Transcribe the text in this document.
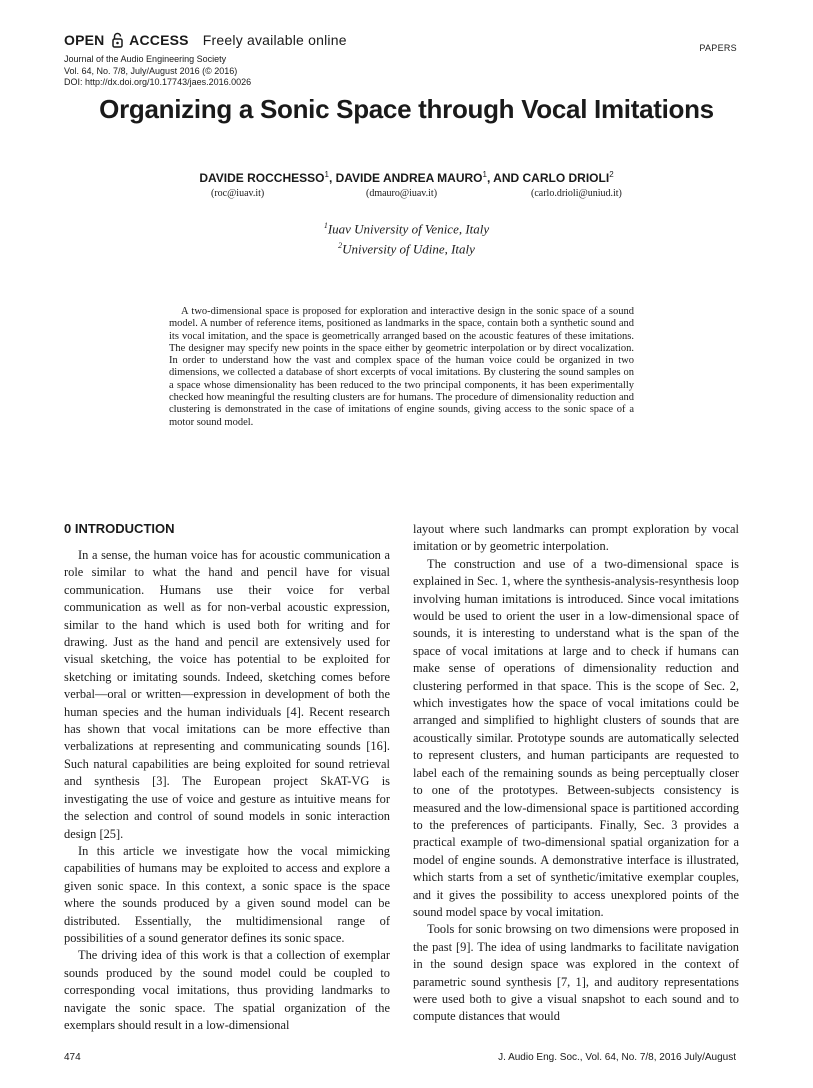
OPEN ACCESS Freely available online	PAPERS
Journal of the Audio Engineering Society
Vol. 64, No. 7/8, July/August 2016 (© 2016)
DOI: http://dx.doi.org/10.17743/jaes.2016.0026
Organizing a Sonic Space through Vocal Imitations
DAVIDE ROCCHESSO$^1$, DAVIDE ANDREA MAURO$^1$, AND CARLO DRIOLI$^2$
(roc@iuav.it)	(dmauro@iuav.it)	(carlo.drioli@uniud.it)
$^1$Iuav University of Venice, Italy
$^2$University of Udine, Italy

A two-dimensional space is proposed for exploration and interactive design in the sonic space of a sound model. A number of reference items, positioned as landmarks in the space, contain both a synthetic sound and its vocal imitation, and the space is geometrically arranged based on the acoustic features of these imitations. The designer may specify new points in the space either by geometric interpolation or by direct vocalization. In order to understand how the vast and complex space of the human voice could be organized in two dimensions, we collected a database of short excerpts of vocal imitations. By clustering the sound samples on a space whose dimensionality has been reduced to the two principal components, it has been experimentally checked how meaningful the resulting clusters are for humans. The procedure of dimensionality reduction and clustering is demonstrated in the case of imitations of engine sounds, giving access to the sonic space of a motor sound model.

0 INTRODUCTION

In a sense, the human voice has for acoustic communication a role similar to what the hand and pencil have for visual communication. Humans use their voice for verbal communication as well as for non-verbal acoustic expression, similar to the hand which is used both for writing and for drawing. Just as the hand and pencil are extensively used for visual sketching, the voice has potential to be exploited for sketching or imitating sounds. Indeed, sketching comes before verbal—oral or written—expression in development of both the human species and the human individuals [4]. Recent research has shown that vocal imitations can be more effective than verbalizations at representing and communicating sounds [16]. Such natural capabilities are being exploited for sound retrieval and synthesis [3]. The European project SkAT-VG is investigating the use of voice and gesture as intuitive means for the selection and control of sound models in sonic interaction design [25].

In this article we investigate how the vocal mimicking capabilities of humans may be exploited to access and explore a given sonic space. In this context, a sonic space is the space where the sounds produced by a given sound model can be distributed. Essentially, the multidimensional range of possibilities of a sound generator defines its sonic space.

The driving idea of this work is that a collection of exemplar sounds produced by the sound model could be coupled to corresponding vocal imitations, thus providing landmarks to navigate the sonic space. The spatial organization of the exemplars should result in a low-dimensional

layout where such landmarks can prompt exploration by vocal imitation or by geometric interpolation.

The construction and use of a two-dimensional space is explained in Sec. 1, where the synthesis-analysis-resynthesis loop involving human imitations is introduced. Since vocal imitations would be used to orient the user in a low-dimensional space of sounds, it is interesting to understand what is the span of the space of vocal imitations at large and to check if humans can make sense of operations of dimensionality reduction and clustering performed in that space. This is the scope of Sec. 2, which investigates how the space of vocal imitations could be arranged and simplified to highlight clusters of sounds that are acoustically similar. Prototype sounds are automatically selected to represent clusters, and human participants are requested to label each of the remaining sounds as being perceptually closer to one of the prototypes. Between-subjects consistency is measured and the low-dimensional space is partitioned according to the preferences of participants. Finally, Sec. 3 provides a practical example of two-dimensional spatial organization for a model of engine sounds. A demonstrative interface is illustrated, which starts from a set of synthetic/imitative exemplar couples, and it gives the possibility to access unexplored points of the sound model space by vocal imitation.

Tools for sonic browsing on two dimensions were proposed in the past [9]. The idea of using landmarks to facilitate navigation in the sound design space was explored in the context of parametric sound synthesis [7, 1], and auditory representations were used both to give a visual snapshot to each sound and to compute distances that would

474	J. Audio Eng. Soc., Vol. 64, No. 7/8, 2016 July/August
